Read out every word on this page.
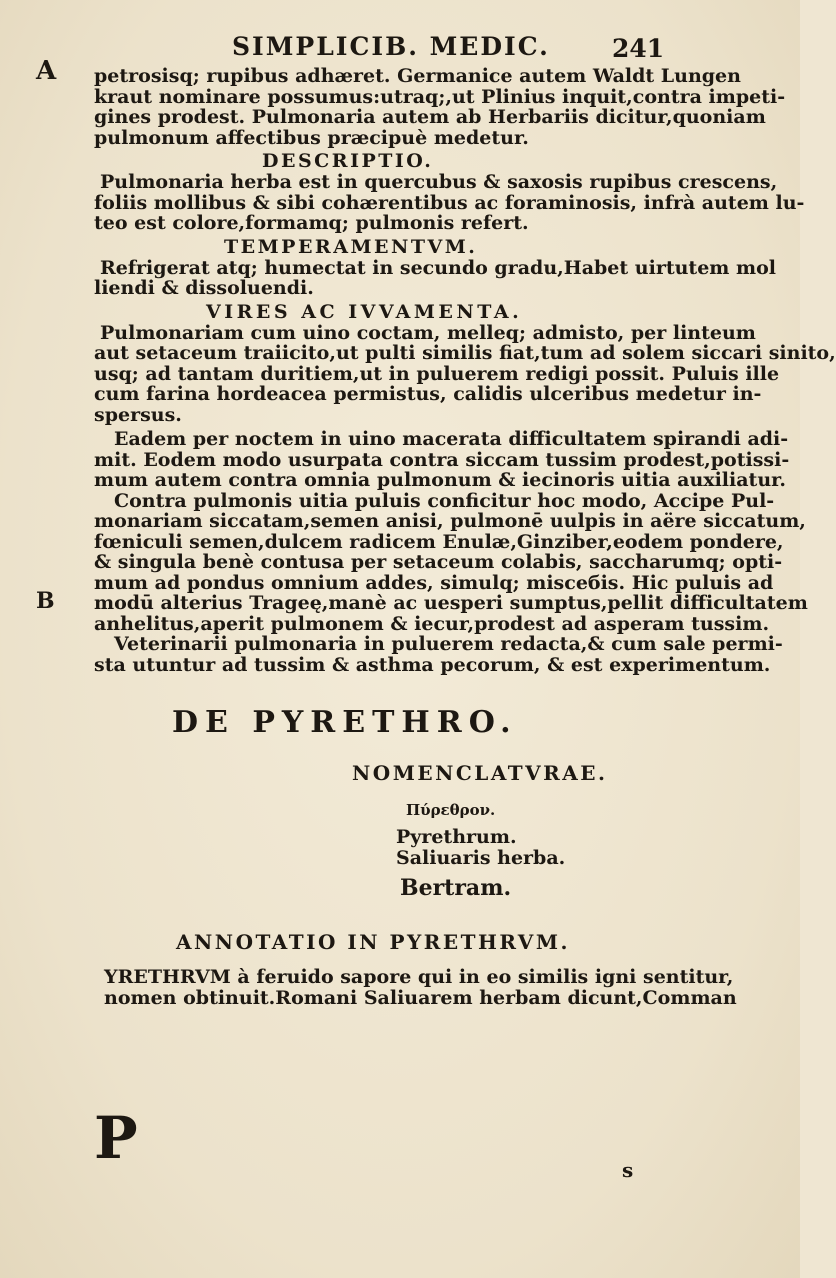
SIMPLICIB. MEDIC. 241
A
B
petrosisq; rupibus adhæret. Germanice autem Waldt Lungen
kraut nominare possumus:utraq;,ut Plinius inquit,contra impeti-
gines prodest. Pulmonaria autem ab Herbariis dicitur,quoniam
pulmonum affectibus præcipuè medetur.
DESCRIPTIO.
Pulmonaria herba est in quercubus & saxosis rupibus crescens,
foliis mollibus & sibi cohærentibus ac foraminosis, infrà autem lu-
teo est colore,formamq; pulmonis refert.
TEMPERAMENTVM.
Refrigerat atq; humectat in secundo gradu,Habet uirtutem mol
liendi & dissoluendi.
VIRES AC IVVAMENTA.
Pulmonariam cum uino coctam, melleq; admisto, per linteum
aut setaceum traiicito,ut pulti similis fiat,tum ad solem siccari sinito,
usq; ad tantam duritiem,ut in puluerem redigi possit. Puluis ille
cum farina hordeacea permistus, calidis ulceribus medetur in-
spersus.
Eadem per noctem in uino macerata difficultatem spirandi adi-
mit. Eodem modo usurpata contra siccam tussim prodest,potissi-
mum autem contra omnia pulmonum & iecinoris uitia auxiliatur.
Contra pulmonis uitia puluis conficitur hoc modo, Accipe Pul-
monariam siccatam,semen anisi, pulmonē uulpis in aëre siccatum,
fœniculi semen,dulcem radicem Enulæ,Ginziber,eodem pondere,
& singula benè contusa per setaceum colabis, saccharumq; opti-
mum ad pondus omnium addes, simulq; misceбis. Hic puluis ad
modū alterius Trageę,manè ac uesperi sumptus,pellit difficultatem
anhelitus,aperit pulmonem & iecur,prodest ad asperam tussim.
Veterinarii pulmonaria in puluerem redacta,& cum sale permi-
sta utuntur ad tussim & asthma pecorum, & est experimentum.
DE PYRETHRO.
NOMENCLATVRAE.
Πύρεθρον.
Pyrethrum.
Saliuaris herba.
Bertram.
ANNOTATIO IN PYRETHRVM.
YRETHRVM à feruido sapore qui in eo similis igni sentitur,
nomen obtinuit.Romani Saliuarem herbam dicunt,Comman
P	s
